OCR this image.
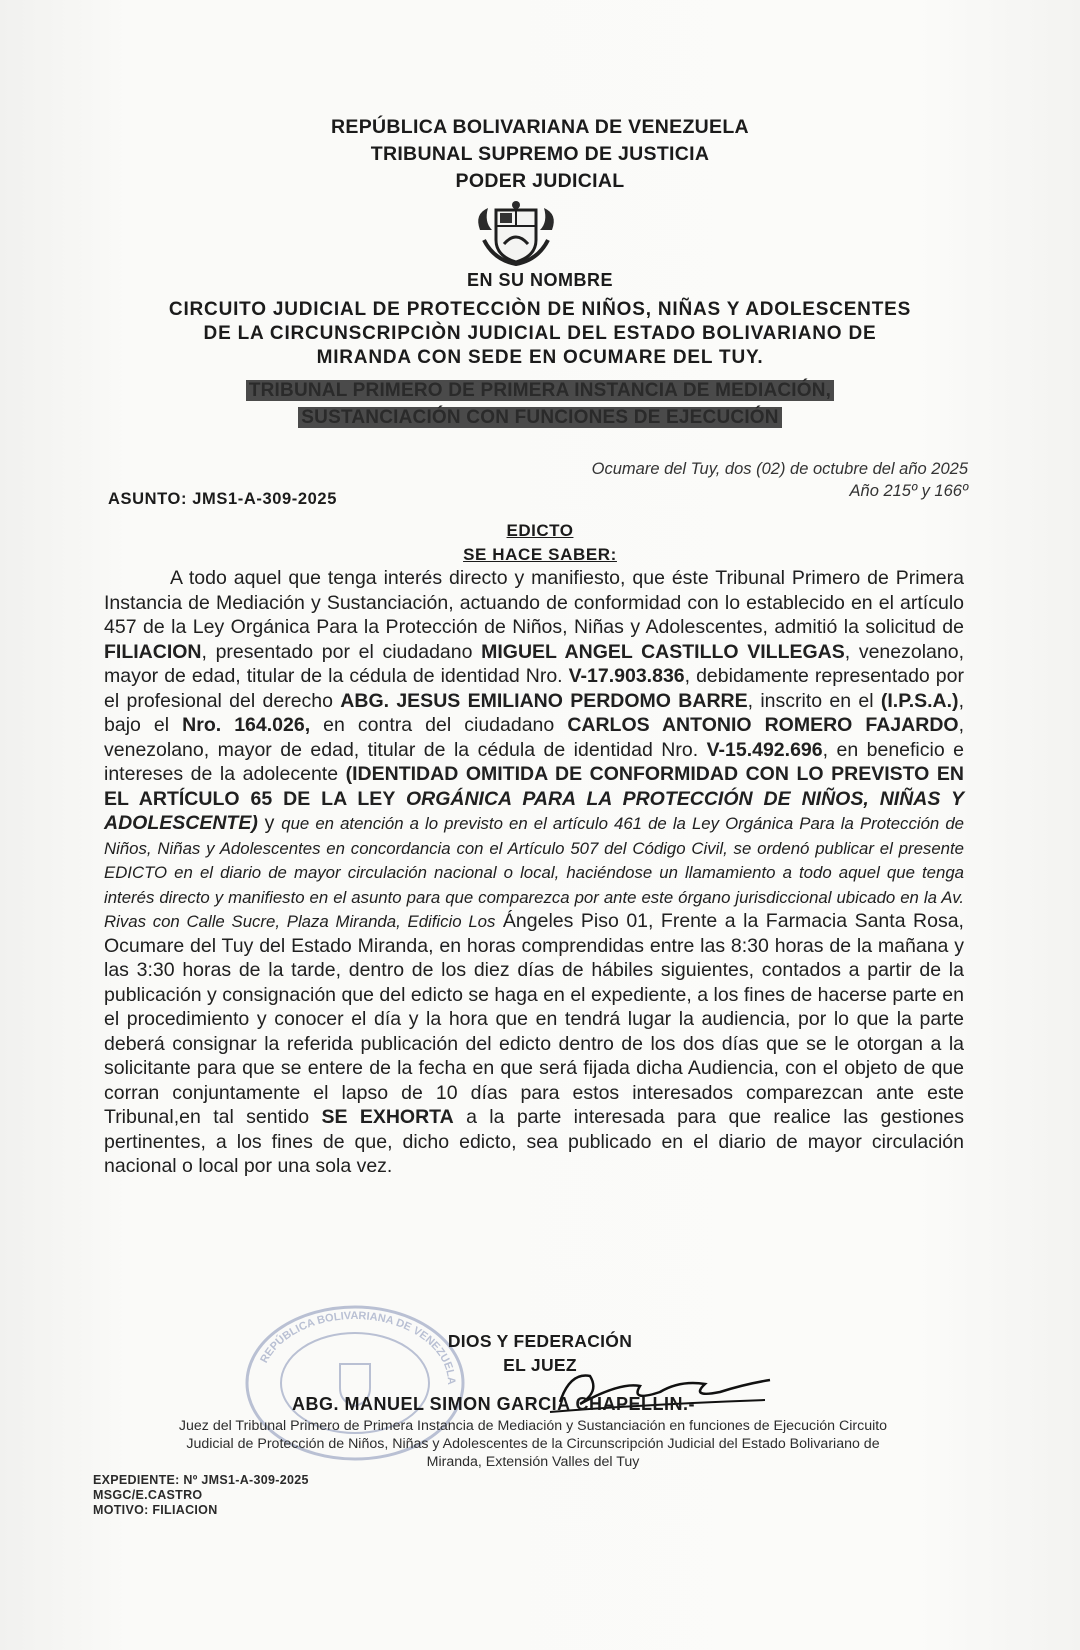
REPÚBLICA BOLIVARIANA DE VENEZUELA
TRIBUNAL SUPREMO DE JUSTICIA
PODER JUDICIAL
EN SU NOMBRE
CIRCUITO JUDICIAL DE PROTECCIÒN DE NIÑOS, NIÑAS Y ADOLESCENTES
DE LA CIRCUNSCRIPCIÒN JUDICIAL DEL ESTADO BOLIVARIANO DE
MIRANDA CON SEDE EN OCUMARE DEL TUY.
TRIBUNAL PRIMERO DE PRIMERA INSTANCIA DE MEDIACIÓN,
SUSTANCIACIÓN CON FUNCIONES DE EJECUCIÓN
Ocumare del Tuy, dos (02) de octubre del año 2025
Año 215º y 166º
ASUNTO: JMS1-A-309-2025
EDICTO
SE HACE SABER:

A todo aquel que tenga interés directo y manifiesto, que éste Tribunal Primero de Primera Instancia de Mediación y Sustanciación, actuando de conformidad con lo establecido en el artículo 457 de la Ley Orgánica Para la Protección de Niños, Niñas y Adolescentes, admitió la solicitud de FILIACION, presentado por el ciudadano MIGUEL ANGEL CASTILLO VILLEGAS, venezolano, mayor de edad, titular de la cédula de identidad Nro. V-17.903.836, debidamente representado por el profesional del derecho ABG. JESUS EMILIANO PERDOMO BARRE, inscrito en el (I.P.S.A.), bajo el Nro. 164.026, en contra del ciudadano CARLOS ANTONIO ROMERO FAJARDO, venezolano, mayor de edad, titular de la cédula de identidad Nro. V-15.492.696, en beneficio e intereses de la adolecente (IDENTIDAD OMITIDA DE CONFORMIDAD CON LO PREVISTO EN EL ARTÍCULO 65 DE LA LEY ORGÁNICA PARA LA PROTECCIÓN DE NIÑOS, NIÑAS Y ADOLESCENTE) y que en atención a lo previsto en el artículo 461 de la Ley Orgánica Para la Protección de Niños, Niñas y Adolescentes en concordancia con el Artículo 507 del Código Civil, se ordenó publicar el presente EDICTO en el diario de mayor circulación nacional o local, haciéndose un llamamiento a todo aquel que tenga interés directo y manifiesto en el asunto para que comparezca por ante este órgano jurisdiccional ubicado en la Av. Rivas con Calle Sucre, Plaza Miranda, Edificio Los Ángeles Piso 01, Frente a la Farmacia Santa Rosa, Ocumare del Tuy del Estado Miranda, en horas comprendidas entre las 8:30 horas de la mañana y las 3:30 horas de la tarde, dentro de los diez días de hábiles siguientes, contados a partir de la publicación y consignación que del edicto se haga en el expediente, a los fines de hacerse parte en el procedimiento y conocer el día y la hora que en tendrá lugar la audiencia, por lo que la parte deberá consignar la referida publicación del edicto dentro de los dos días que se le otorgan a la solicitante para que se entere de la fecha en que será fijada dicha Audiencia, con el objeto de que corran conjuntamente el lapso de 10 días para estos interesados comparezcan ante este Tribunal,en tal sentido SE EXHORTA a la parte interesada para que realice las gestiones pertinentes, a los fines de que, dicho edicto, sea publicado en el diario de mayor circulación nacional o local por una sola vez.

REPÚBLICA BOLIVARIANA DE VENEZUELA
DIOS Y FEDERACIÓN
EL JUEZ
ABG. MANUEL SIMON GARCIA CHAPELLIN.-
Juez del Tribunal Primero de Primera Instancia de Mediación y Sustanciación en funciones de Ejecución Circuito
Judicial de Protección de Niños, Niñas y Adolescentes de la Circunscripción Judicial del Estado Bolivariano de
Miranda, Extensión Valles del Tuy
EXPEDIENTE: Nº JMS1-A-309-2025
MSGC/E.CASTRO
MOTIVO: FILIACION
